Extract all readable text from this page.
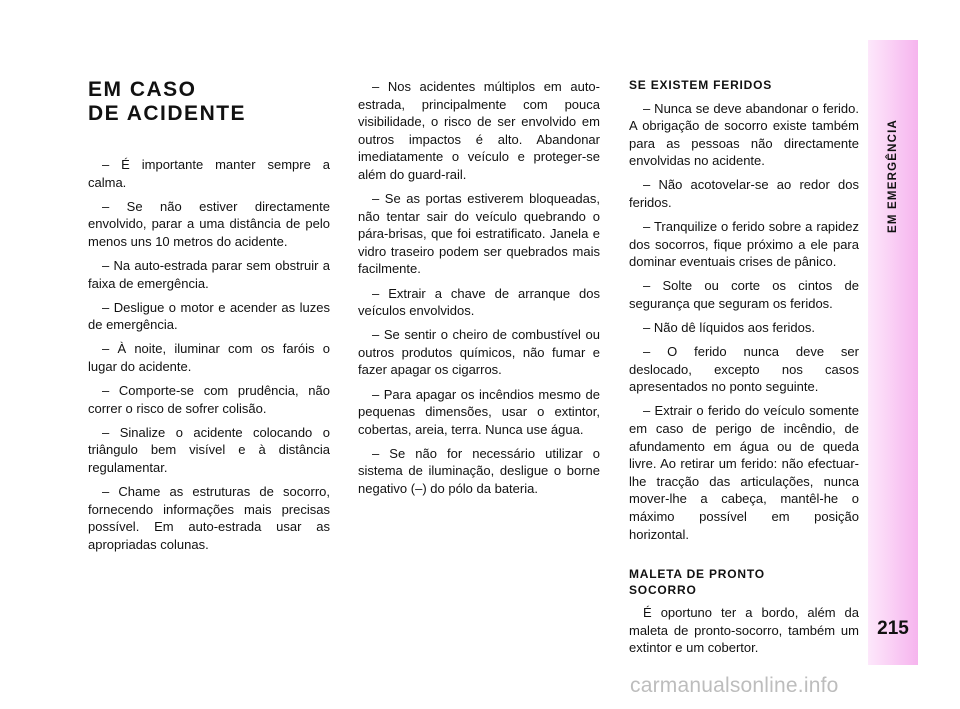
EM CASO
DE ACIDENTE

– É importante manter sempre a calma.

– Se não estiver directamente envolvido, parar a uma distância de pelo menos uns 10 metros do acidente.

– Na auto-estrada parar sem obstruir a faixa de emergência.

– Desligue o motor e acender as luzes de emergência.

– À noite, iluminar com os faróis o lugar do acidente.

– Comporte-se com prudência, não correr o risco de sofrer colisão.

– Sinalize o acidente colocando o triângulo bem visível e à distância regulamentar.

– Chame as estruturas de socorro, fornecendo informações mais precisas possível. Em auto-estrada usar as apropriadas colunas.

– Nos acidentes múltiplos em auto-estrada, principalmente com pouca visibilidade, o risco de ser envolvido em outros impactos é alto. Abandonar imediatamente o veículo e proteger-se além do guard-rail.

– Se as portas estiverem bloqueadas, não tentar sair do veículo quebrando o pára-brisas, que foi estratificato. Janela e vidro traseiro podem ser quebrados mais facilmente.

– Extrair a chave de arranque dos veículos envolvidos.

– Se sentir o cheiro de combustível ou outros produtos químicos, não fumar e fazer apagar os cigarros.

– Para apagar os incêndios mesmo de pequenas dimensões, usar o extintor, cobertas, areia, terra. Nunca use água.

– Se não for necessário utilizar o sistema de iluminação, desligue o borne negativo (–) do pólo da bateria.

SE EXISTEM FERIDOS

– Nunca se deve abandonar o ferido. A obrigação de socorro existe também para as pessoas não directamente envolvidas no acidente.

– Não acotovelar-se ao redor dos feridos.

– Tranquilize o ferido sobre a rapidez dos socorros, fique próximo a ele para dominar eventuais crises de pânico.

– Solte ou corte os cintos de segurança que seguram os feridos.

– Não dê líquidos aos feridos.

– O ferido nunca deve ser deslocado, excepto nos casos apresentados no ponto seguinte.

– Extrair o ferido do veículo somente em caso de perigo de incêndio, de afundamento em água ou de queda livre. Ao retirar um ferido: não efectuar-lhe tracção das articulações, nunca mover-lhe a cabeça, mantêl-he o máximo possível em posição horizontal.

MALETA DE PRONTO
SOCORRO

É oportuno ter a bordo, além da maleta de pronto-socorro, também um extintor e um cobertor.

EM EMERGÊNCIA
215
carmanualsonline.info
